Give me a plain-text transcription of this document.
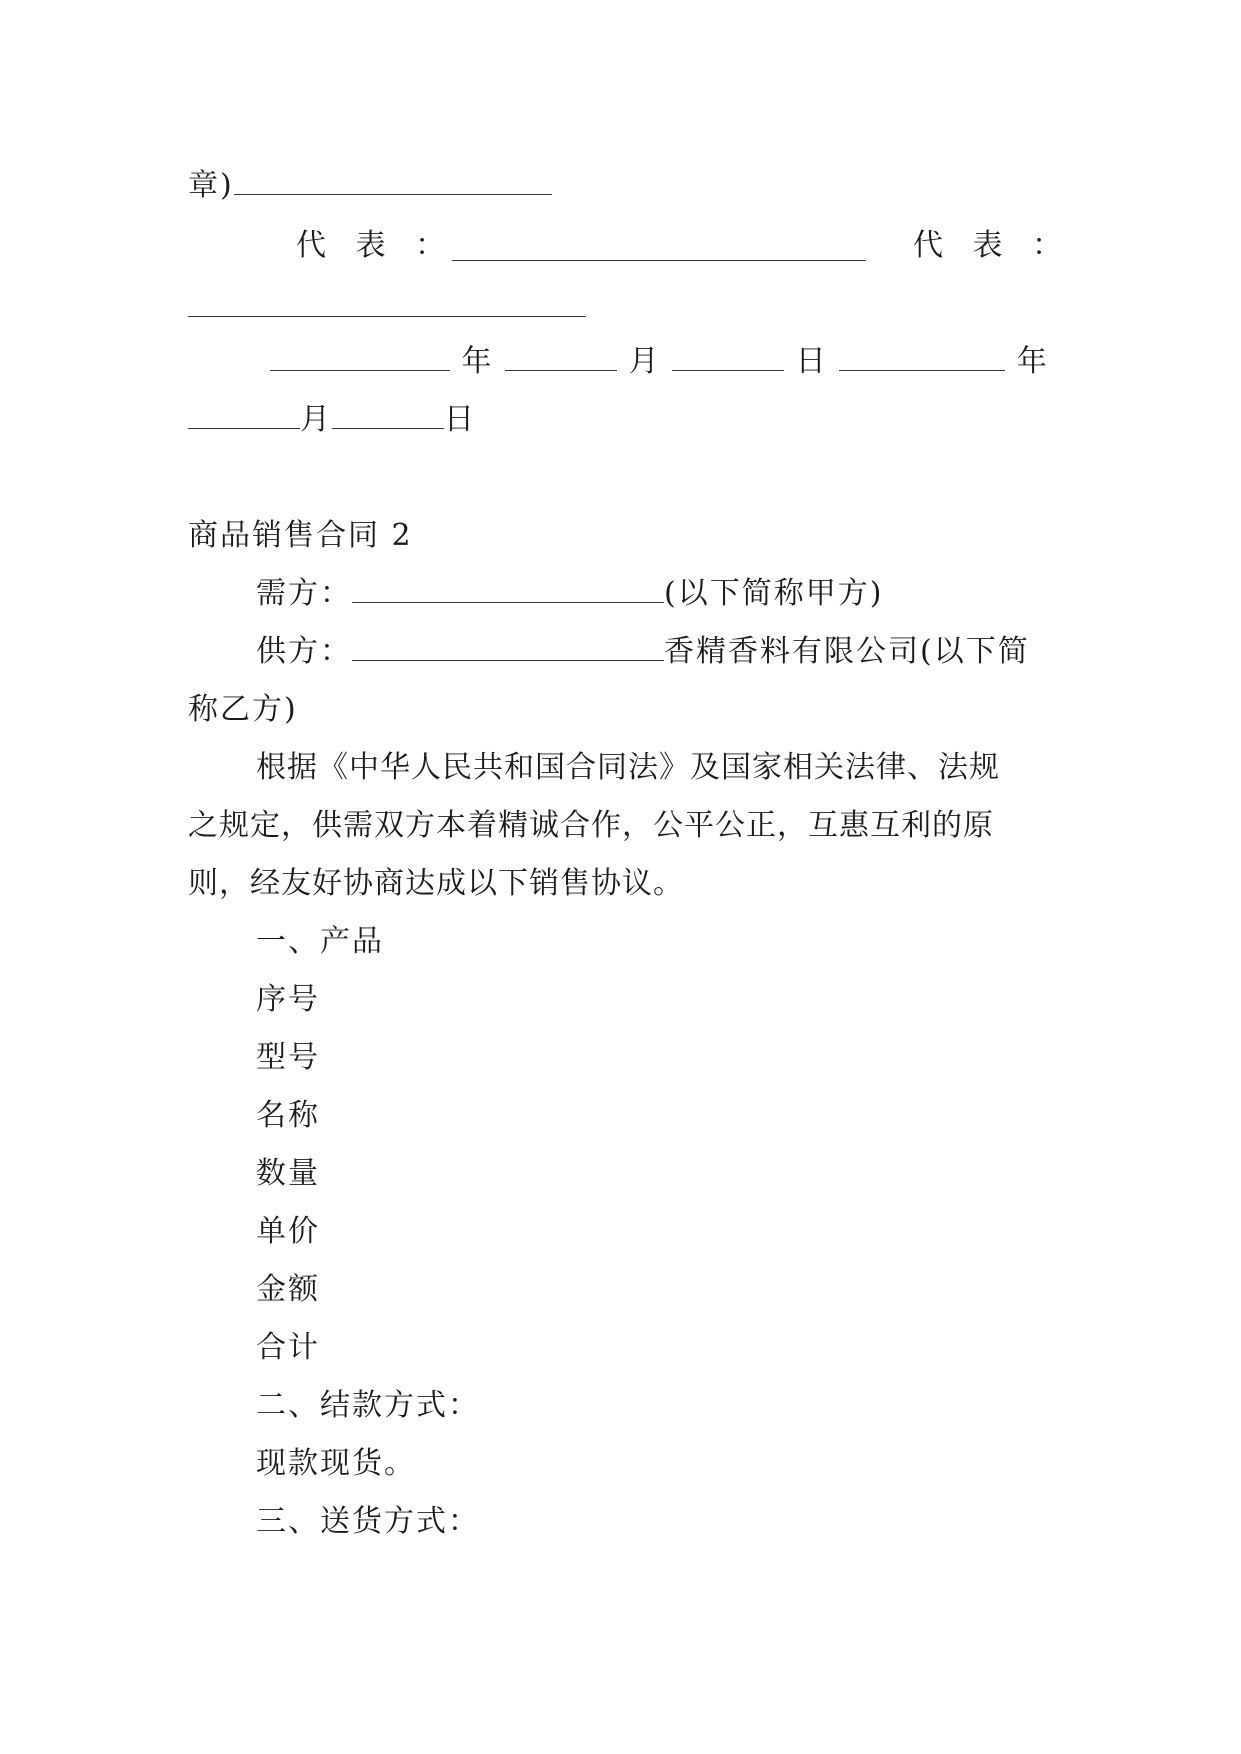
章)
代 表 ：	代 表 ：
年	月	日	年
月	日
商品销售合同 2
需方：	(以下简称甲方)
供方：	香精香料有限公司(以下简
称乙方)
根据《中华人民共和国合同法》及国家相关法律、法规
之规定，供需双方本着精诚合作，公平公正，互惠互利的原
则，经友好协商达成以下销售协议。
一、产品
序号
型号
名称
数量
单价
金额
合计
二、结款方式：
现款现货。
三、送货方式：
